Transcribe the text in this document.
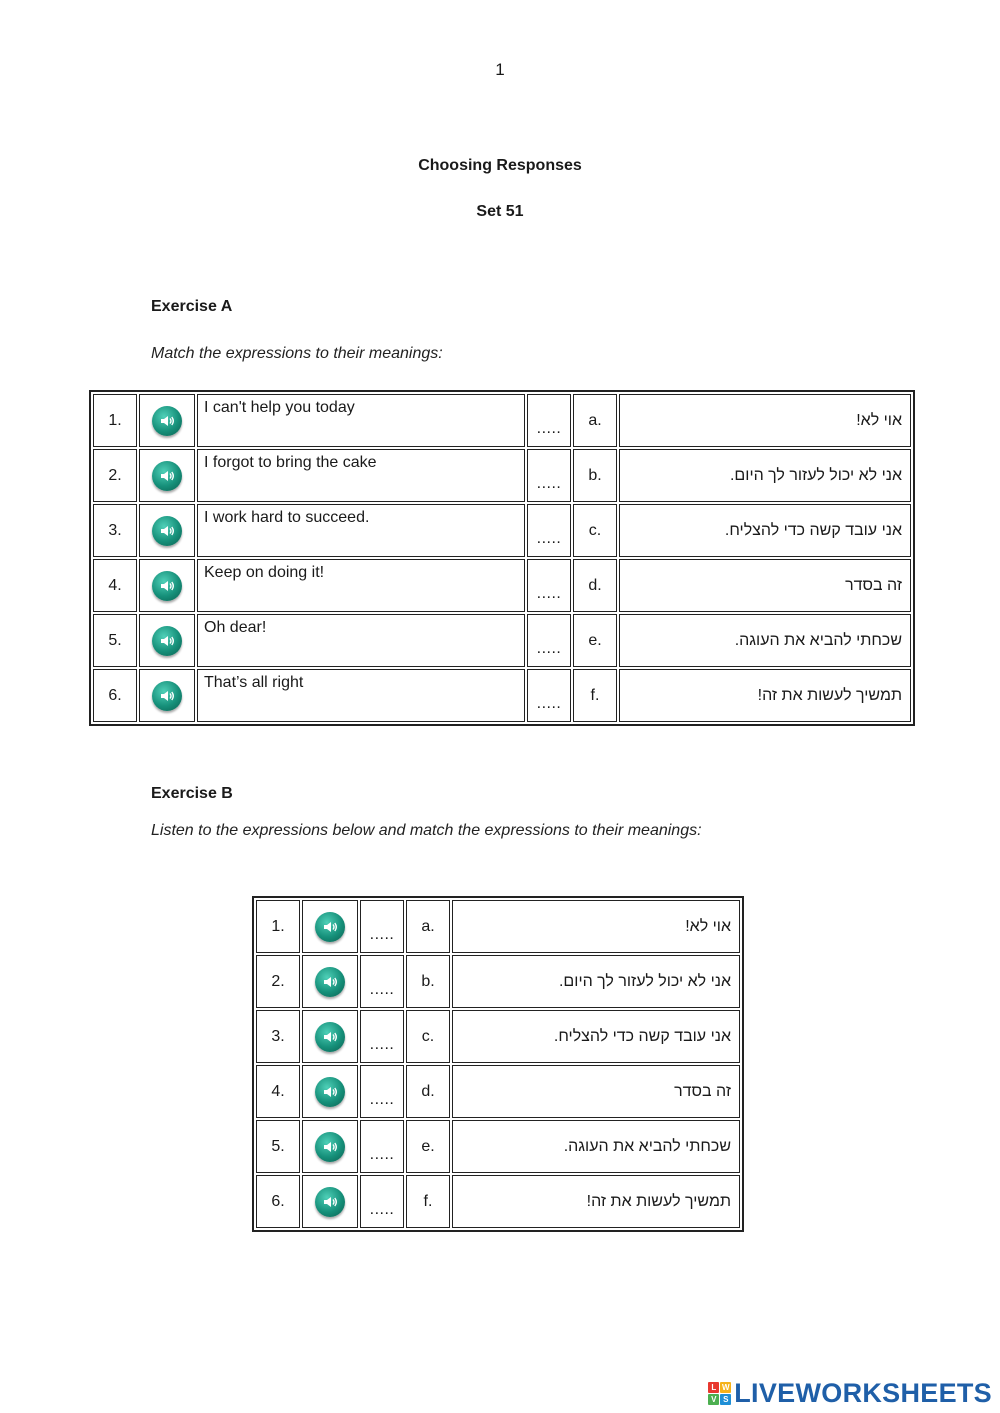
1
Choosing Responses
Set 51
Exercise A
Match the expressions to their meanings:
1.		I can't help you today	.....	a.	אוי לא!
2.		I forgot to bring the cake	.....	b.	אני לא יכול לעזור לך היום.
3.		I work hard to succeed.	.....	c.	אני עובד קשה כדי להצליח.
4.		Keep on doing it!	.....	d.	זה בסדר
5.		Oh dear!	.....	e.	שכחתי להביא את העוגה.
6.		That’s all right	.....	f.	תמשיך לעשות את זה!
Exercise B
Listen to the expressions below and match the expressions to their meanings:
1.		.....	a.	אוי לא!
2.		.....	b.	אני לא יכול לעזור לך היום.
3.		.....	c.	אני עובד קשה כדי להצליח.
4.		.....	d.	זה בסדר
5.		.....	e.	שכחתי להביא את העוגה.
6.		.....	f.	תמשיך לעשות את זה!
L W
V S LIVEWORKSHEETS
